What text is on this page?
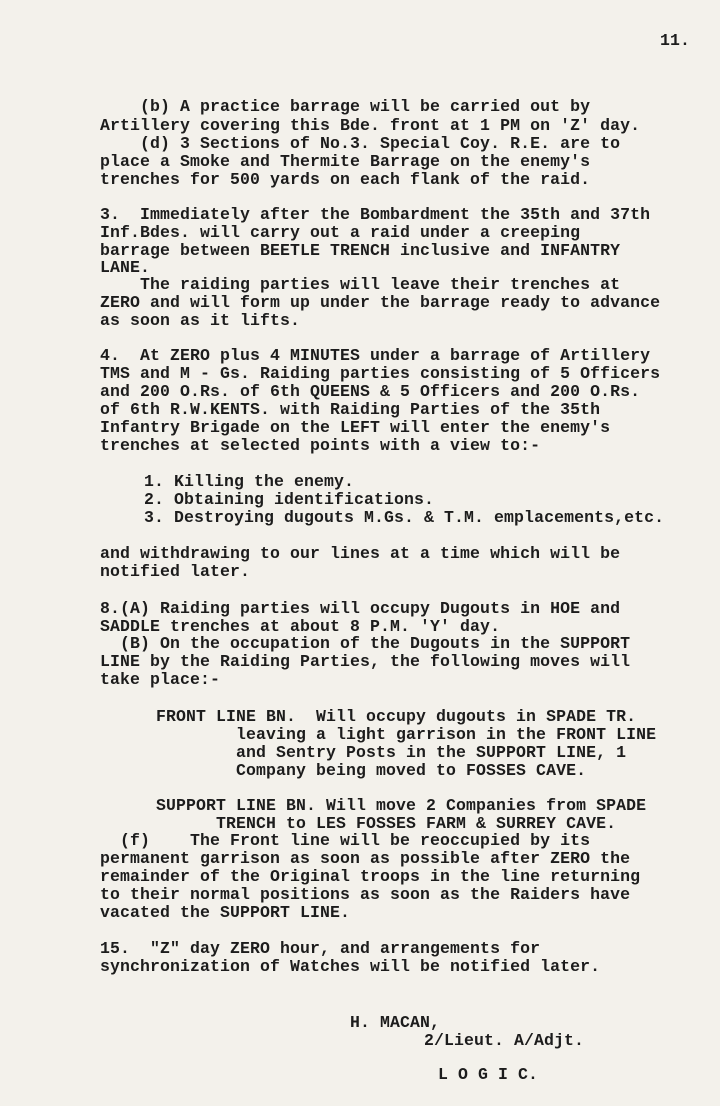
11.
(b) A practice barrage will be carried out by
Artillery covering this Bde. front at 1 PM on 'Z' day.
(d) 3 Sections of No.3. Special Coy. R.E. are to
place a Smoke and Thermite Barrage on the enemy's
trenches for 500 yards on each flank of the raid.
3.  Immediately after the Bombardment the 35th and 37th
Inf.Bdes. will carry out a raid under a creeping
barrage between BEETLE TRENCH inclusive and INFANTRY
LANE.
The raiding parties will leave their trenches at
ZERO and will form up under the barrage ready to advance
as soon as it lifts.
4.  At ZERO plus 4 MINUTES under a barrage of Artillery
TMS and M - Gs. Raiding parties consisting of 5 Officers
and 200 O.Rs. of 6th QUEENS & 5 Officers and 200 O.Rs.
of 6th R.W.KENTS. with Raiding Parties of the 35th
Infantry Brigade on the LEFT will enter the enemy's
trenches at selected points with a view to:-
1. Killing the enemy.
2. Obtaining identifications.
3. Destroying dugouts M.Gs. & T.M. emplacements,etc.
and withdrawing to our lines at a time which will be
notified later.
8.(A) Raiding parties will occupy Dugouts in HOE and
SADDLE trenches at about 8 P.M. 'Y' day.
(B) On the occupation of the Dugouts in the SUPPORT
LINE by the Raiding Parties, the following moves will
take place:-
FRONT LINE BN.  Will occupy dugouts in SPADE TR.
leaving a light garrison in the FRONT LINE
and Sentry Posts in the SUPPORT LINE, 1
Company being moved to FOSSES CAVE.
SUPPORT LINE BN. Will move 2 Companies from SPADE
TRENCH to LES FOSSES FARM & SURREY CAVE.
(f)    The Front line will be reoccupied by its
permanent garrison as soon as possible after ZERO the
remainder of the Original troops in the line returning
to their normal positions as soon as the Raiders have
vacated the SUPPORT LINE.
15.  "Z" day ZERO hour, and arrangements for
synchronization of Watches will be notified later.
H. MACAN,
2/Lieut. A/Adjt.
L O G I C.
